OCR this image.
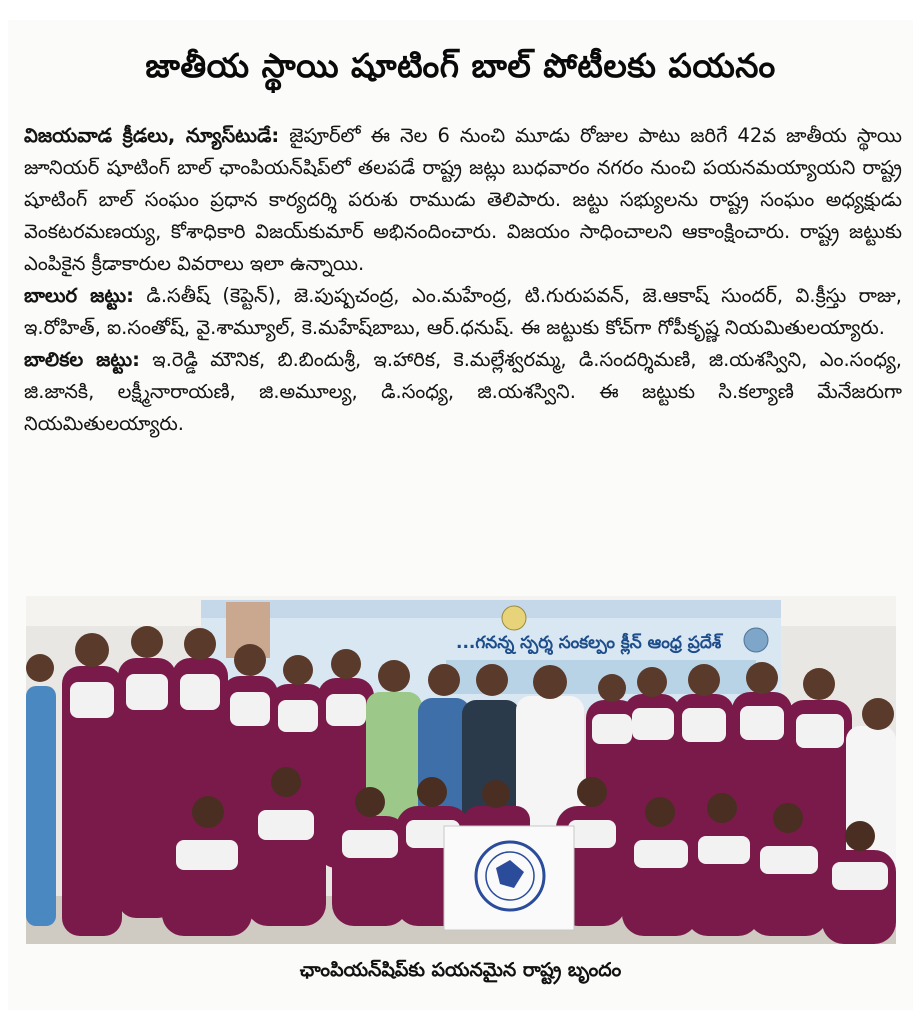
జాతీయ స్థాయి షూటింగ్ బాల్ పోటీలకు పయనం

విజయవాడ క్రీడలు, న్యూస్‌టుడే: జైపూర్‌లో ఈ నెల 6 నుంచి మూడు రోజుల పాటు జరిగే 42వ జాతీయ స్థాయి జూనియర్ షూటింగ్ బాల్ ఛాంపియన్‌షిప్‌లో తలపడే రాష్ట్ర జట్లు బుధవారం నగరం నుంచి పయనమయ్యాయని రాష్ట్ర షూటింగ్ బాల్ సంఘం ప్రధాన కార్యదర్శి పరుశు రాముడు తెలిపారు. జట్టు సభ్యులను రాష్ట్ర సంఘం అధ్యక్షుడు వెంకటరమణయ్య, కోశాధికారి విజయ్‌కుమార్ అభినందించారు. విజయం సాధించాలని ఆకాంక్షించారు. రాష్ట్ర జట్టుకు ఎంపికైన క్రీడాకారుల వివరాలు ఇలా ఉన్నాయి.

బాలుర జట్టు: డి.సతీష్ (కెప్టెన్), జె.పుష్పచంద్ర, ఎం.మహేంద్ర, టి.గురుపవన్, జె.ఆకాష్ సుందర్, వి.క్రీస్తు రాజు, ఇ.రోహిత్, ఐ.సంతోష్, వై.శామ్యూల్, కె.మహేష్‌బాబు, ఆర్.ధనుష్. ఈ జట్టుకు కోచ్‌గా గోపీకృష్ణ నియమితులయ్యారు.

బాలికల జట్టు: ఇ.రెడ్డి మౌనిక, బి.బిందుశ్రీ, ఇ.హారిక, కె.మల్లేశ్వరమ్మ, డి.సందర్శిమణి, జి.యశస్విని, ఎం.సంధ్య, జి.జానకి, లక్ష్మీనారాయణి, జి.అమూల్య, డి.సంధ్య, జి.యశస్విని. ఈ జట్టుకు సి.కల్యాణి మేనేజరుగా నియమితులయ్యారు.

...గనన్న స్పర్శ సంకల్పం క్లీన్ ఆంధ్ర ప్రదేశ్
ఛాంపియన్‌షిప్‌కు పయనమైన రాష్ట్ర బృందం
